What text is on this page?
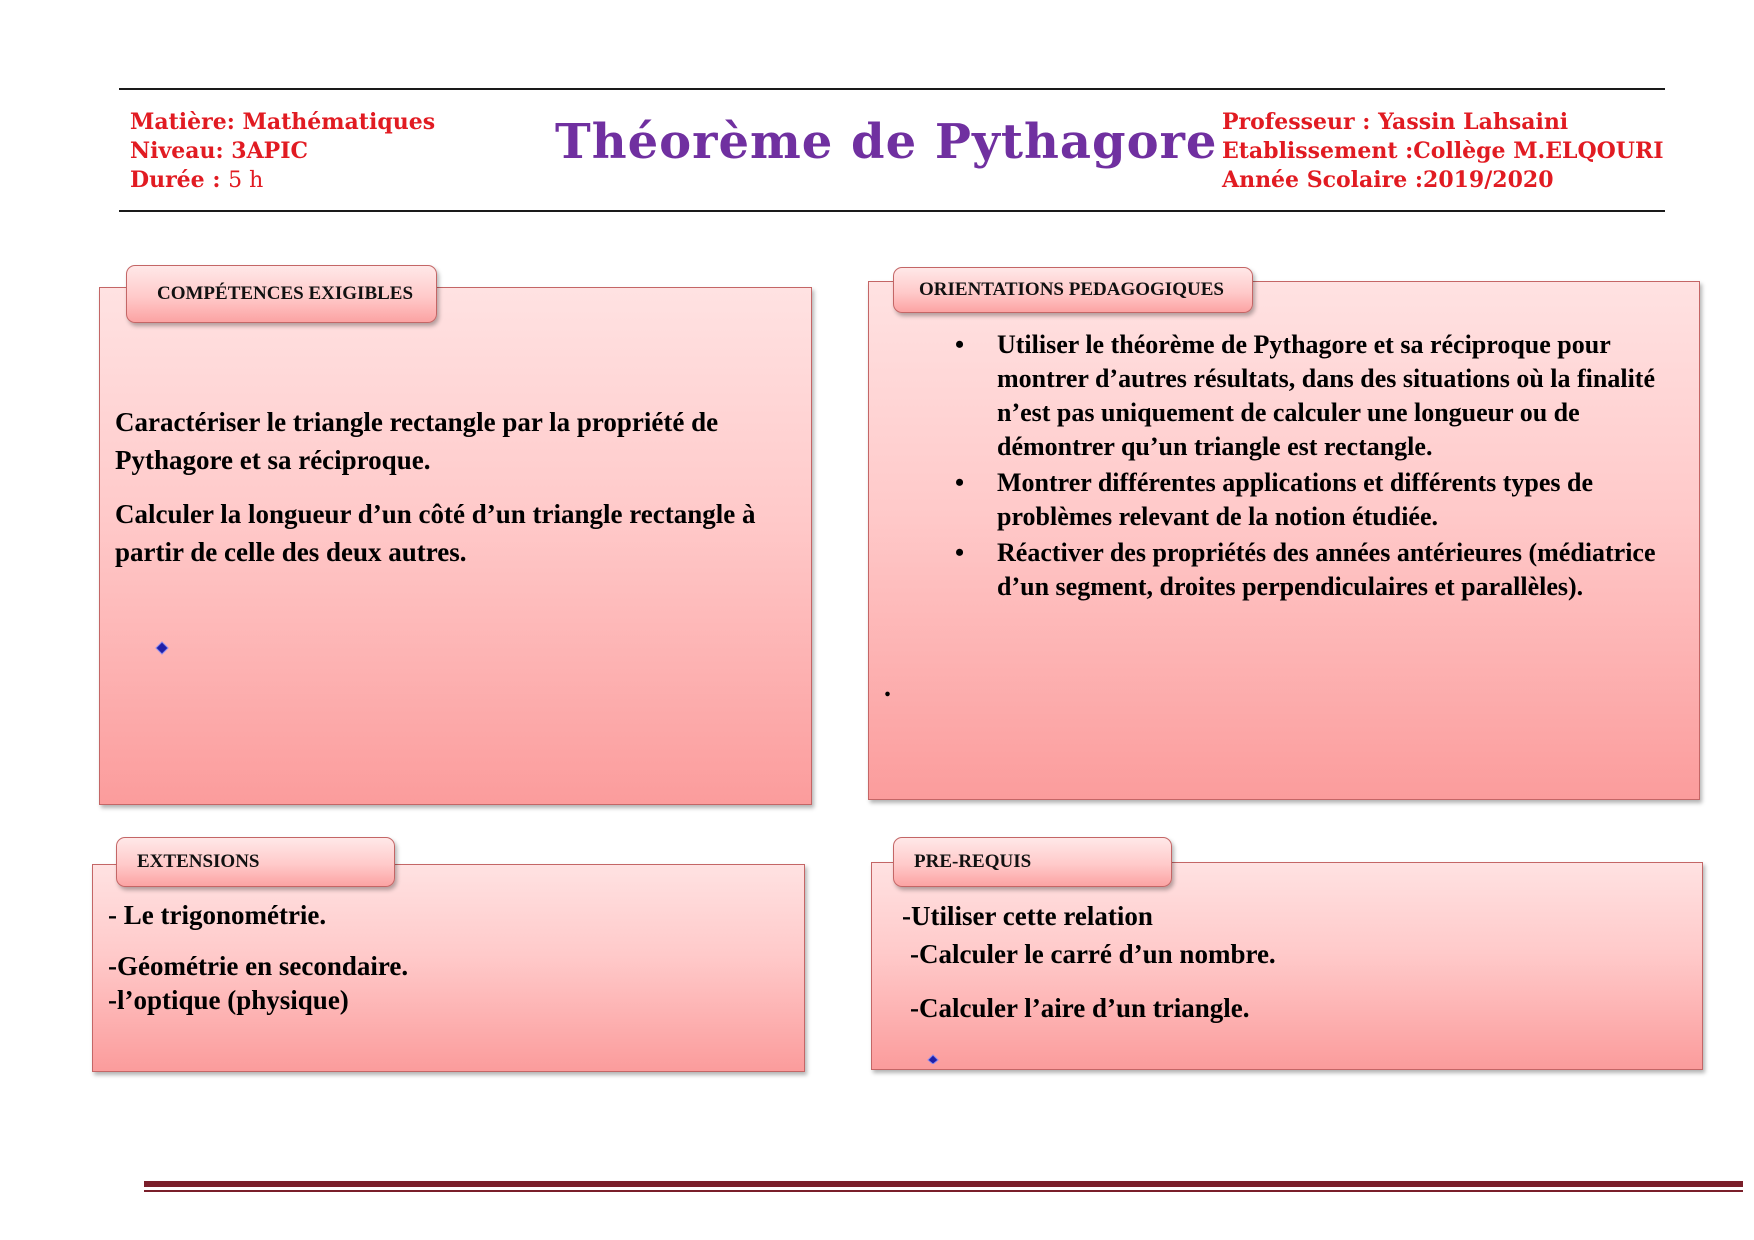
Matière: Mathématiques
Niveau: 3APIC
Durée : 5 h
Théorème de Pythagore Professeur : Yassin Lahsaini
Etablissement :Collège M.ELQOURI
Année Scolaire :2019/2020
COMPÉTENCES EXIGIBLES

Caractériser le triangle rectangle par la propriété de Pythagore et sa réciproque.

Calculer la longueur d’un côté d’un triangle rectangle à partir de celle des deux autres.

ORIENTATIONS PEDAGOGIQUES
• Utiliser le théorème de Pythagore et sa réciproque pour montrer d’autres résultats, dans des situations où la finalité n’est pas uniquement de calculer une longueur ou de démontrer qu’un triangle est rectangle.
• Montrer différentes applications et différents types de problèmes relevant de la notion étudiée.
• Réactiver des propriétés des années antérieures (médiatrice d’un segment, droites perpendiculaires et parallèles).
.
EXTENSIONS
- Le trigonométrie.
-Géométrie en secondaire.
-l’optique (physique)
PRE-REQUIS
-Utiliser cette relation
-Calculer le carré d’un nombre.
-Calculer l’aire d’un triangle.
